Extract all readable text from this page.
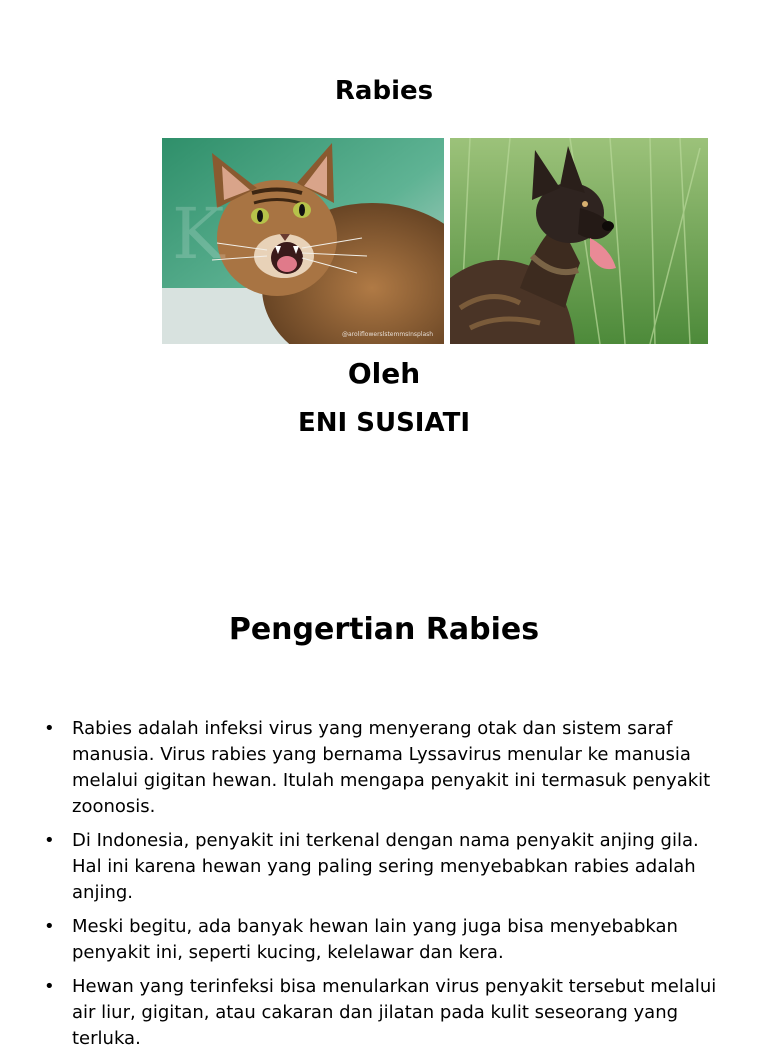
Rabies
K
@aroliflowerslstemmsInsplash
Oleh
ENI SUSIATI
Pengertian Rabies
• Rabies adalah infeksi virus yang menyerang otak dan sistem saraf manusia. Virus rabies yang bernama Lyssavirus menular ke manusia melalui gigitan hewan. Itulah mengapa penyakit ini termasuk penyakit zoonosis.
• Di Indonesia, penyakit ini terkenal dengan nama penyakit anjing gila. Hal ini karena hewan yang paling sering menyebabkan rabies adalah anjing.
• Meski begitu, ada banyak hewan lain yang juga bisa menyebabkan penyakit ini, seperti kucing, kelelawar dan kera.
• Hewan yang terinfeksi bisa menularkan virus penyakit tersebut melalui air liur, gigitan, atau cakaran dan jilatan pada kulit seseorang yang terluka.
